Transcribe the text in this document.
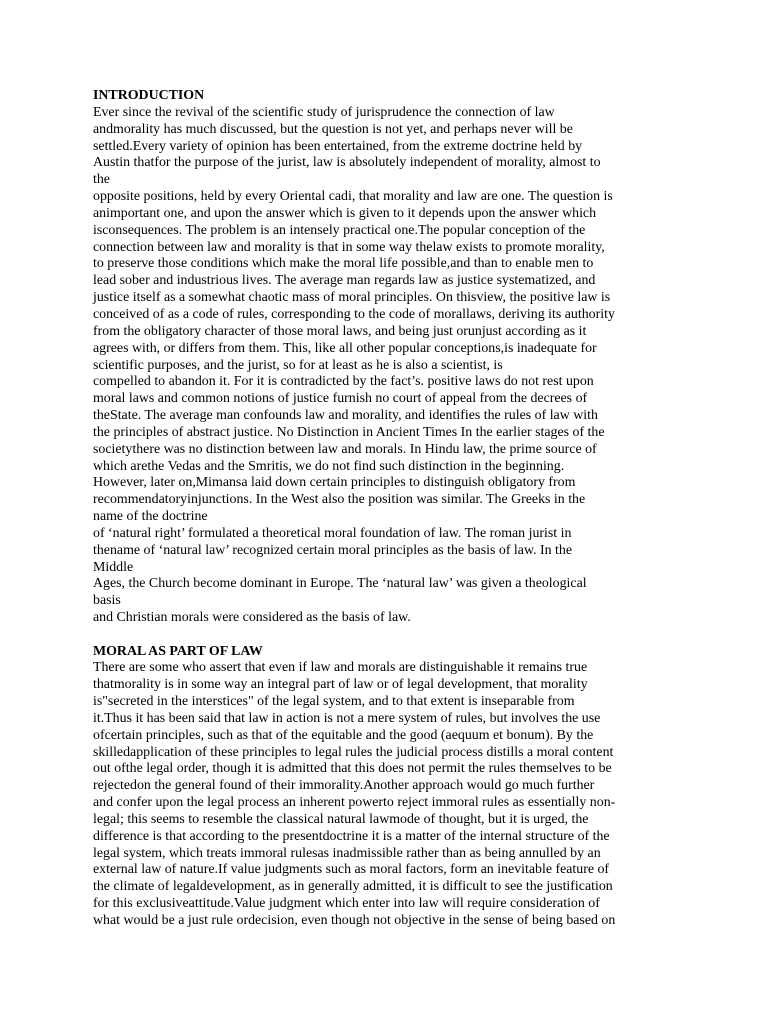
INTRODUCTION
Ever since the revival of the scientific study of jurisprudence the connection of law
andmorality has much discussed, but the question is not yet, and perhaps never will be
settled.Every variety of opinion has been entertained, from the extreme doctrine held by
Austin thatfor the purpose of the jurist, law is absolutely independent of morality, almost to
the
opposite positions, held by every Oriental cadi, that morality and law are one. The question is
animportant one, and upon the answer which is given to it depends upon the answer which
isconsequences. The problem is an intensely practical one.The popular conception of the
connection between law and morality is that in some way thelaw exists to promote morality,
to preserve those conditions which make the moral life possible,and than to enable men to
lead sober and industrious lives. The average man regards law as justice systematized, and
justice itself as a somewhat chaotic mass of moral principles. On thisview, the positive law is
conceived of as a code of rules, corresponding to the code of morallaws, deriving its authority
from the obligatory character of those moral laws, and being just orunjust according as it
agrees with, or differs from them. This, like all other popular conceptions,is inadequate for
scientific purposes, and the jurist, so for at least as he is also a scientist, is
compelled to abandon it. For it is contradicted by the fact’s. positive laws do not rest upon
moral laws and common notions of justice furnish no court of appeal from the decrees of
theState. The average man confounds law and morality, and identifies the rules of law with
the principles of abstract justice. No Distinction in Ancient Times In the earlier stages of the
societythere was no distinction between law and morals. In Hindu law, the prime source of
which arethe Vedas and the Smritis, we do not find such distinction in the beginning.
However, later on,Mimansa laid down certain principles to distinguish obligatory from
recommendatoryinjunctions. In the West also the position was similar. The Greeks in the
name of the doctrine
of ‘natural right’ formulated a theoretical moral foundation of law. The roman jurist in
thename of ‘natural law’ recognized certain moral principles as the basis of law. In the
Middle
Ages, the Church become dominant in Europe. The ‘natural law’ was given a theological
basis
and Christian morals were considered as the basis of law.
MORAL AS PART OF LAW
There are some who assert that even if law and morals are distinguishable it remains true
thatmorality is in some way an integral part of law or of legal development, that morality
is"secreted in the interstices" of the legal system, and to that extent is inseparable from
it.Thus it has been said that law in action is not a mere system of rules, but involves the use
ofcertain principles, such as that of the equitable and the good (aequum et bonum). By the
skilledapplication of these principles to legal rules the judicial process distills a moral content
out ofthe legal order, though it is admitted that this does not permit the rules themselves to be
rejectedon the general found of their immorality.Another approach would go much further
and confer upon the legal process an inherent powerto reject immoral rules as essentially non-
legal; this seems to resemble the classical natural lawmode of thought, but it is urged, the
difference is that according to the presentdoctrine it is a matter of the internal structure of the
legal system, which treats immoral rulesas inadmissible rather than as being annulled by an
external law of nature.If value judgments such as moral factors, form an inevitable feature of
the climate of legaldevelopment, as in generally admitted, it is difficult to see the justification
for this exclusiveattitude.Value judgment which enter into law will require consideration of
what would be a just rule ordecision, even though not objective in the sense of being based on
